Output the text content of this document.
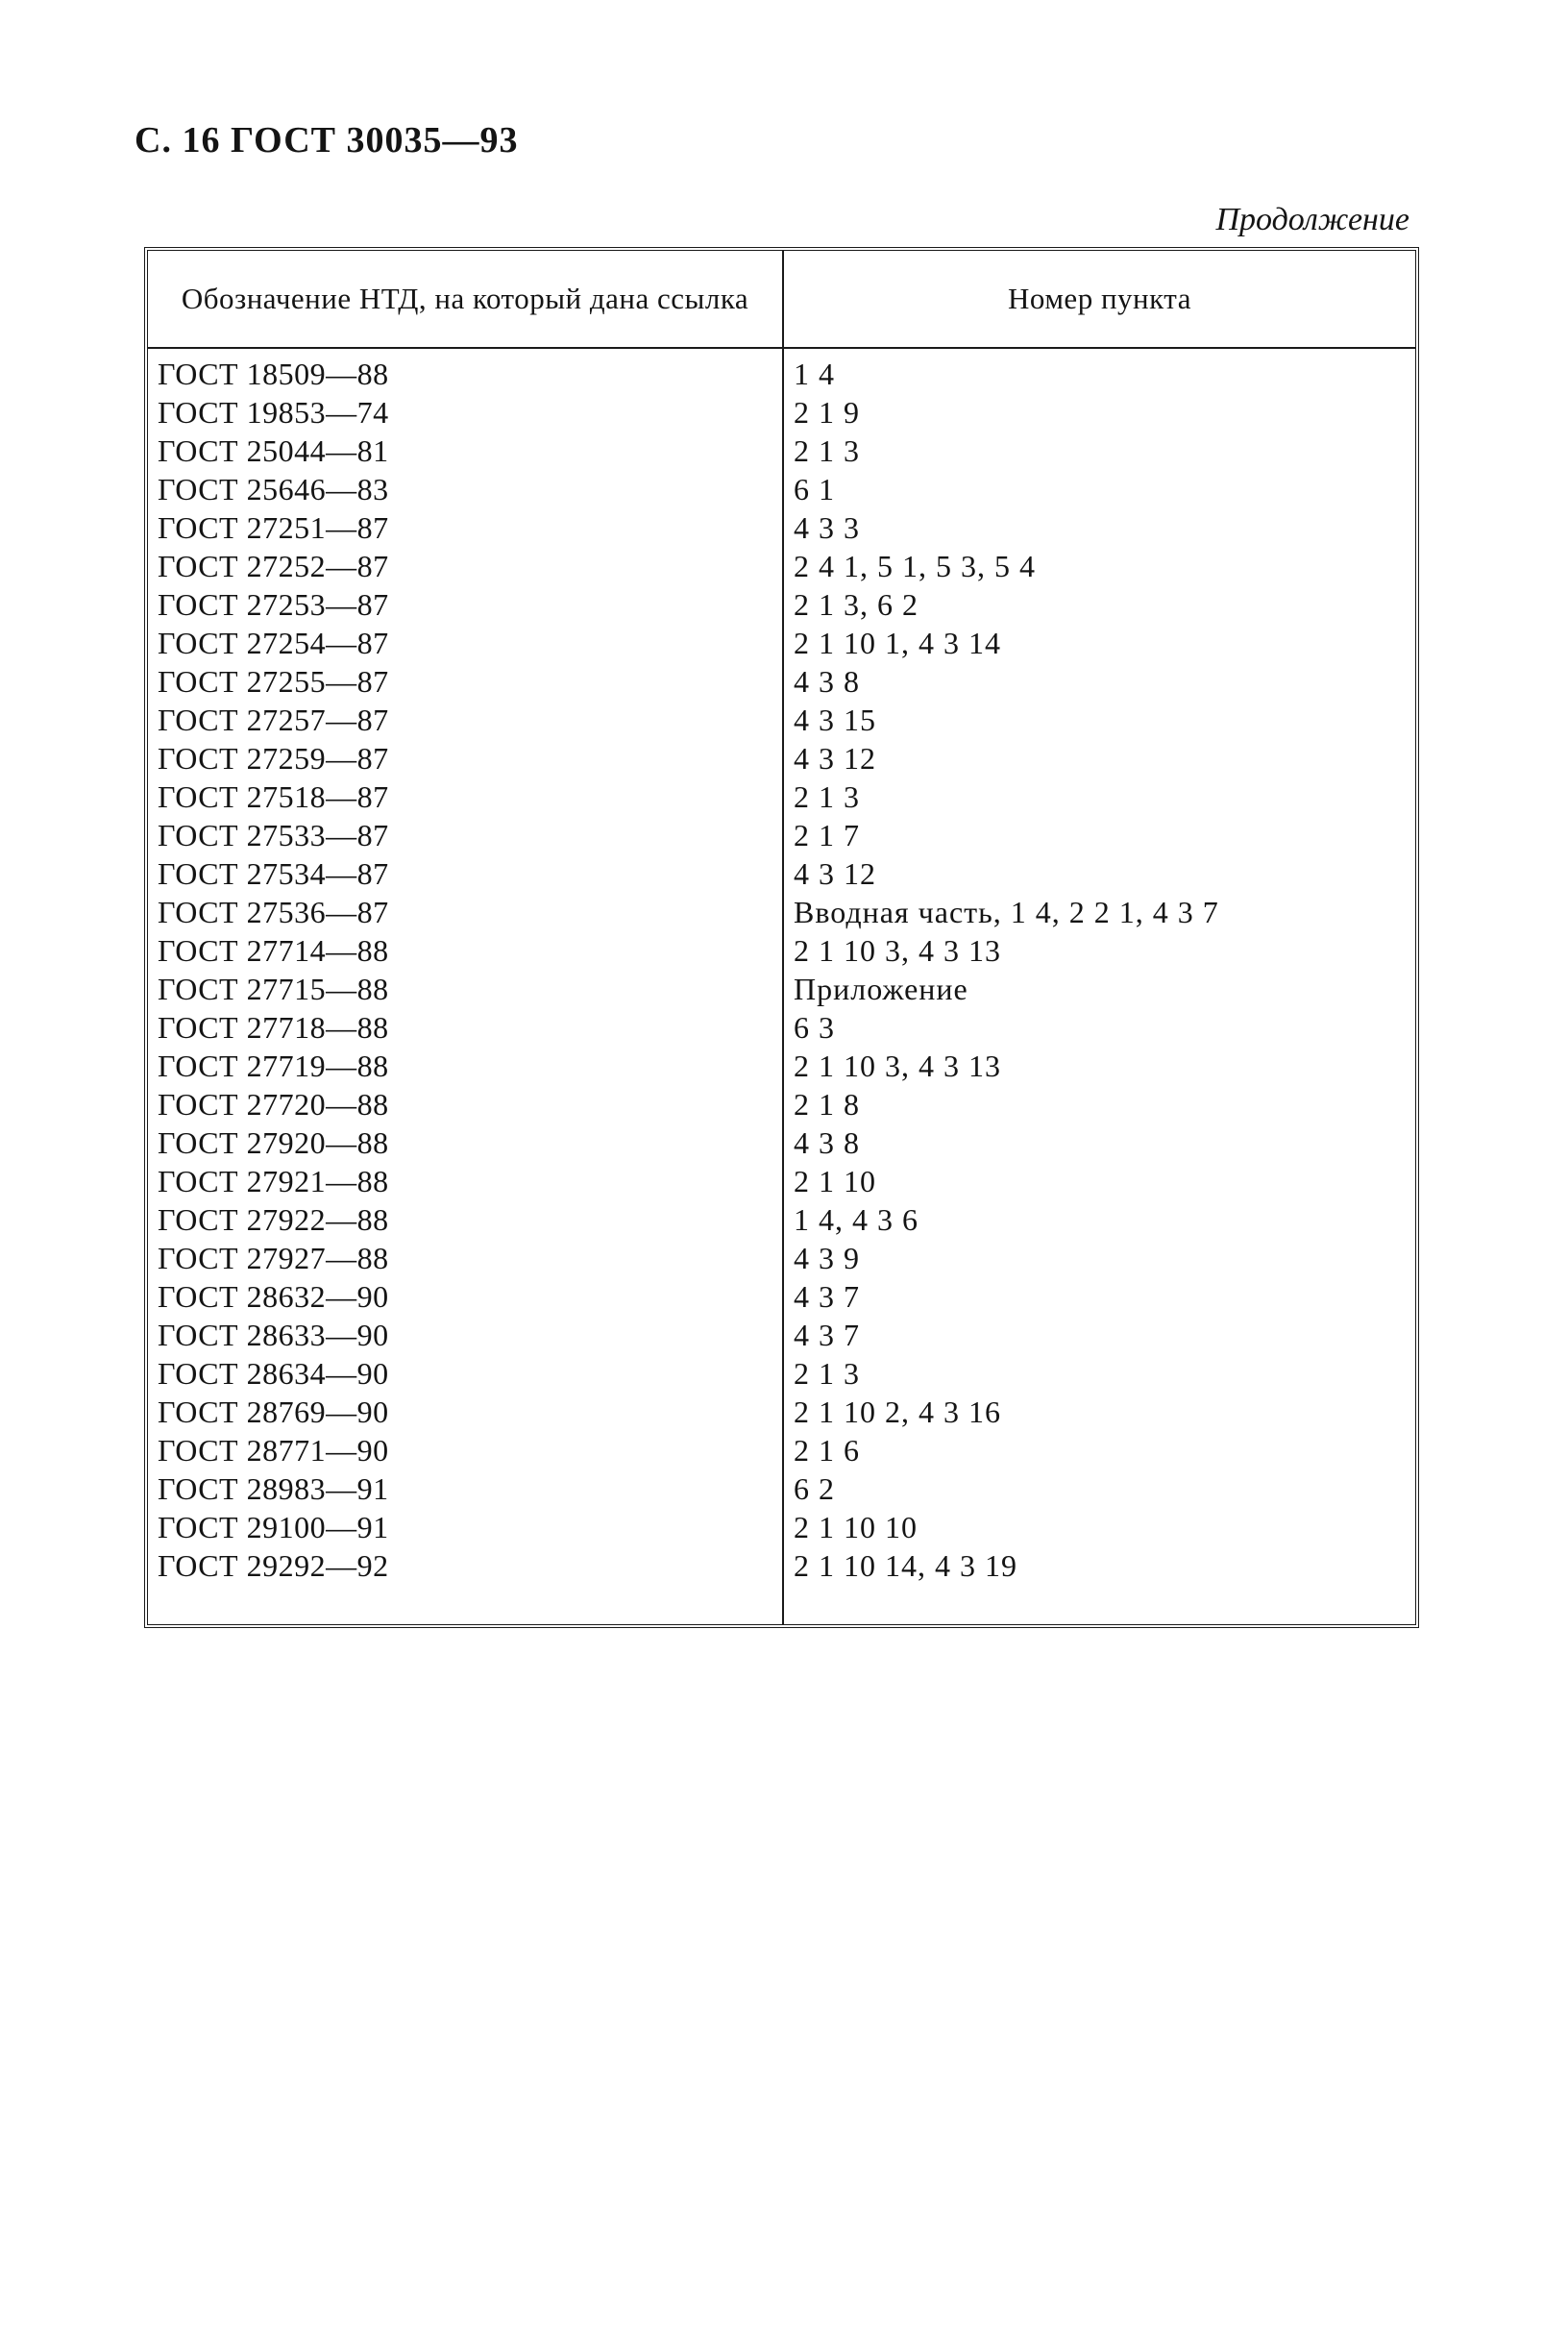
С. 16 ГОСТ 30035—93
Продолжение
Обозначение НТД, на который дана ссылка	Номер пункта
ГОСТ 18509—88	1 4
ГОСТ 19853—74	2 1 9
ГОСТ 25044—81	2 1 3
ГОСТ 25646—83	6 1
ГОСТ 27251—87	4 3 3
ГОСТ 27252—87	2 4 1, 5 1, 5 3, 5 4
ГОСТ 27253—87	2 1 3, 6 2
ГОСТ 27254—87	2 1 10 1, 4 3 14
ГОСТ 27255—87	4 3 8
ГОСТ 27257—87	4 3 15
ГОСТ 27259—87	4 3 12
ГОСТ 27518—87	2 1 3
ГОСТ 27533—87	2 1 7
ГОСТ 27534—87	4 3 12
ГОСТ 27536—87	Вводная часть, 1 4, 2 2 1, 4 3 7
ГОСТ 27714—88	2 1 10 3, 4 3 13
ГОСТ 27715—88	Приложение
ГОСТ 27718—88	6 3
ГОСТ 27719—88	2 1 10 3, 4 3 13
ГОСТ 27720—88	2 1 8
ГОСТ 27920—88	4 3 8
ГОСТ 27921—88	2 1 10
ГОСТ 27922—88	1 4, 4 3 6
ГОСТ 27927—88	4 3 9
ГОСТ 28632—90	4 3 7
ГОСТ 28633—90	4 3 7
ГОСТ 28634—90	2 1 3
ГОСТ 28769—90	2 1 10 2, 4 3 16
ГОСТ 28771—90	2 1 6
ГОСТ 28983—91	6 2
ГОСТ 29100—91	2 1 10 10
ГОСТ 29292—92	2 1 10 14, 4 3 19
